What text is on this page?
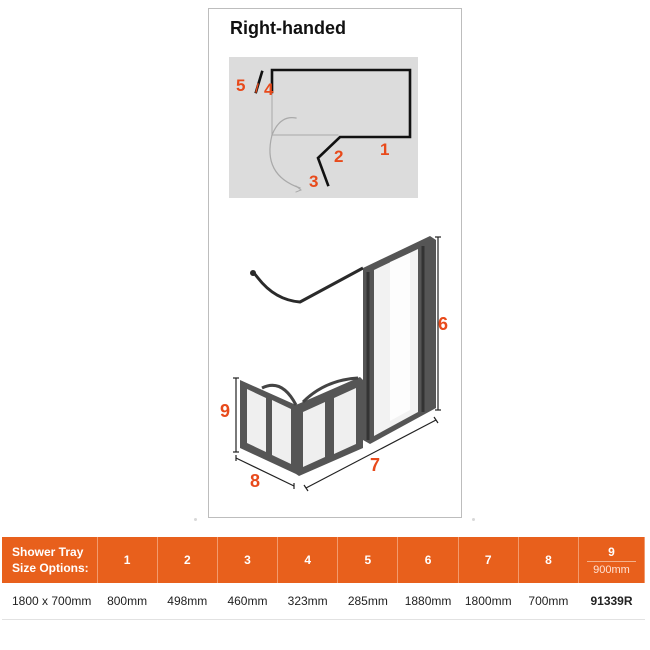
Right-handed
5 4
1
2
3
6
7
8
9
Shower Tray Size Options:	1	2	3	4	5	6	7	8	9
900mm

1800 x 700mm	800mm	498mm	460mm	323mm	285mm	1880mm	1800mm	700mm	91339R
